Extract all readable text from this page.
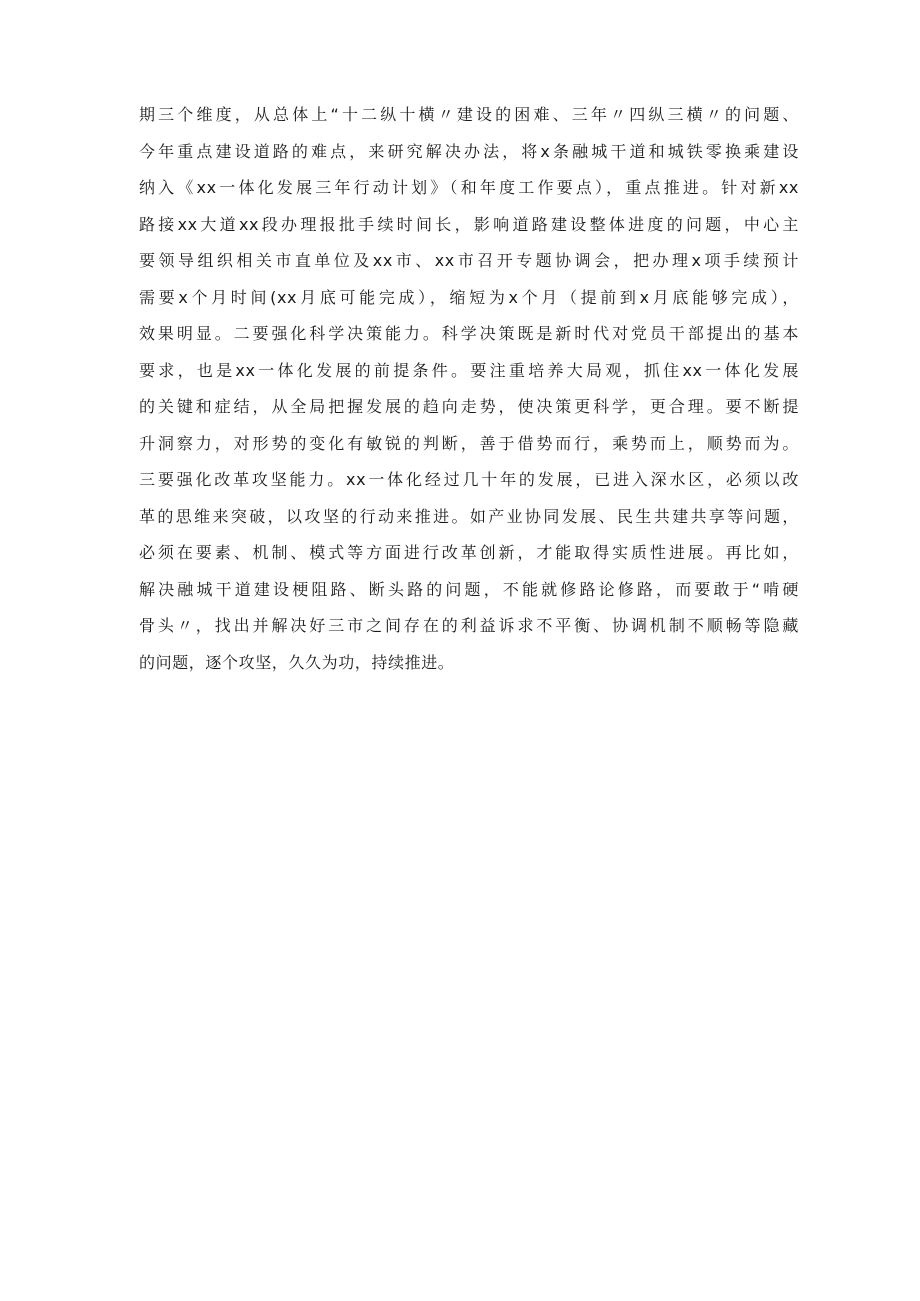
期三个维度，从总体上“十二纵十横〃建设的困难、三年〃四纵三横〃的问题、
今年重点建设道路的难点，来研究解决办法，将x条融城干道和城铁零换乘建设
纳入《xx一体化发展三年行动计划》（和年度工作要点），重点推进。针对新xx
路接xx大道xx段办理报批手续时间长，影响道路建设整体进度的问题，中心主
要领导组织相关市直单位及xx市、xx市召开专题协调会，把办理x项手续预计
需要x个月时间(xx月底可能完成），缩短为x个月（提前到x月底能够完成），
效果明显。二要强化科学决策能力。科学决策既是新时代对党员干部提出的基本
要求，也是xx一体化发展的前提条件。要注重培养大局观，抓住xx一体化发展
的关键和症结，从全局把握发展的趋向走势，使决策更科学，更合理。要不断提
升洞察力，对形势的变化有敏锐的判断，善于借势而行，乘势而上，顺势而为。
三要强化改革攻坚能力。xx一体化经过几十年的发展，已进入深水区，必须以改
革的思维来突破，以攻坚的行动来推进。如产业协同发展、民生共建共享等问题，
必须在要素、机制、模式等方面进行改革创新，才能取得实质性进展。再比如，
解决融城干道建设梗阻路、断头路的问题，不能就修路论修路，而要敢于“啃硬
骨头〃，找出并解决好三市之间存在的利益诉求不平衡、协调机制不顺畅等隐藏
的问题，逐个攻坚，久久为功，持续推进。
